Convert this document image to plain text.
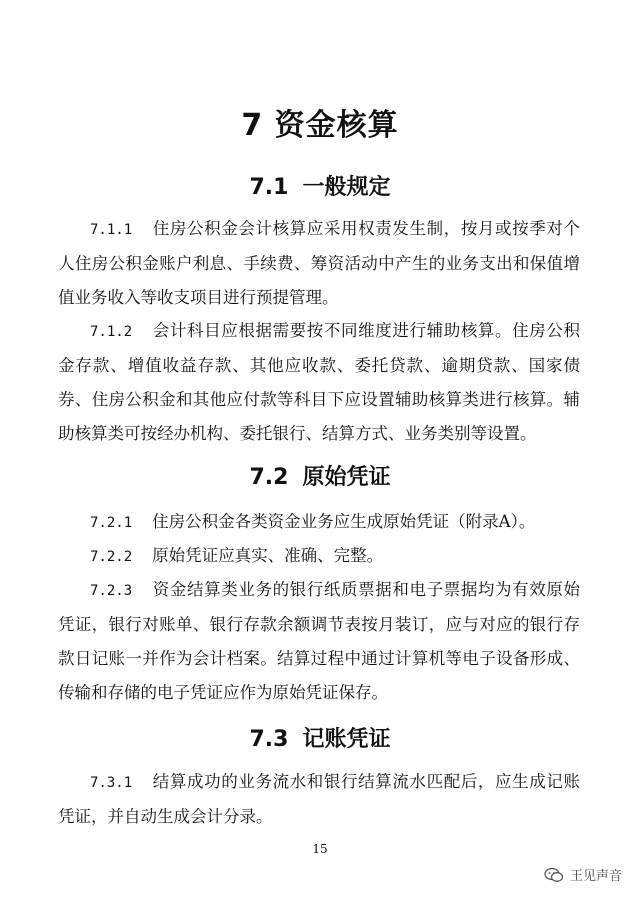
7 资金核算
7.1 一般规定
7.1.1 住房公积金会计核算应采用权责发生制，按月或按季对个人住房公积金账户利息、手续费、筹资活动中产生的业务支出和保值增值业务收入等收支项目进行预提管理。
7.1.2 会计科目应根据需要按不同维度进行辅助核算。住房公积金存款、增值收益存款、其他应收款、委托贷款、逾期贷款、国家债券、住房公积金和其他应付款等科目下应设置辅助核算类进行核算。辅助核算类可按经办机构、委托银行、结算方式、业务类别等设置。
7.2 原始凭证
7.2.1 住房公积金各类资金业务应生成原始凭证（附录A）。
7.2.2 原始凭证应真实、准确、完整。
7.2.3 资金结算类业务的银行纸质票据和电子票据均为有效原始凭证，银行对账单、银行存款余额调节表按月装订，应与对应的银行存款日记账一并作为会计档案。结算过程中通过计算机等电子设备形成、传输和存储的电子凭证应作为原始凭证保存。
7.3 记账凭证
7.3.1 结算成功的业务流水和银行结算流水匹配后，应生成记账凭证，并自动生成会计分录。
15
王见声音
